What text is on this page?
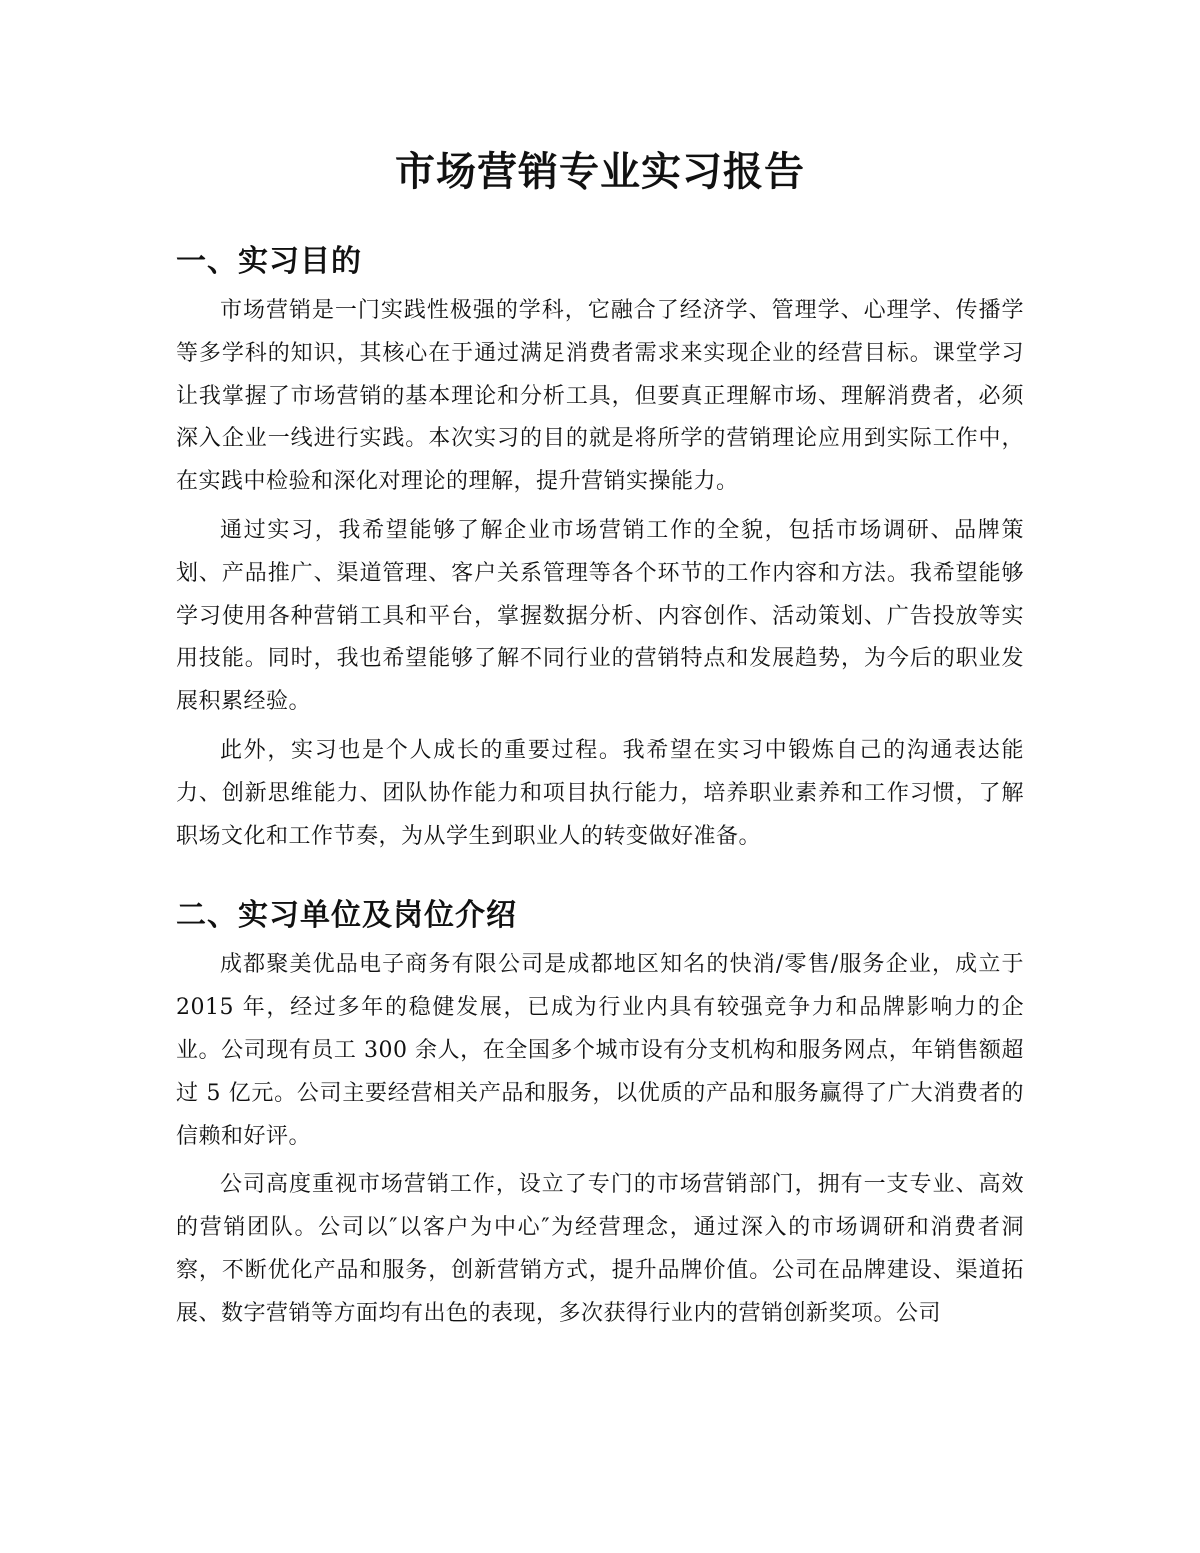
市场营销专业实习报告
一、实习目的

市场营销是一门实践性极强的学科，它融合了经济学、管理学、心理学、传播学等多学科的知识，其核心在于通过满足消费者需求来实现企业的经营目标。课堂学习让我掌握了市场营销的基本理论和分析工具，但要真正理解市场、理解消费者，必须深入企业一线进行实践。本次实习的目的就是将所学的营销理论应用到实际工作中，在实践中检验和深化对理论的理解，提升营销实操能力。

通过实习，我希望能够了解企业市场营销工作的全貌，包括市场调研、品牌策划、产品推广、渠道管理、客户关系管理等各个环节的工作内容和方法。我希望能够学习使用各种营销工具和平台，掌握数据分析、内容创作、活动策划、广告投放等实用技能。同时，我也希望能够了解不同行业的营销特点和发展趋势，为今后的职业发展积累经验。

此外，实习也是个人成长的重要过程。我希望在实习中锻炼自己的沟通表达能力、创新思维能力、团队协作能力和项目执行能力，培养职业素养和工作习惯，了解职场文化和工作节奏，为从学生到职业人的转变做好准备。

二、实习单位及岗位介绍

成都聚美优品电子商务有限公司是成都地区知名的快消/零售/服务企业，成立于 2015 年，经过多年的稳健发展，已成为行业内具有较强竞争力和品牌影响力的企业。公司现有员工 300 余人，在全国多个城市设有分支机构和服务网点，年销售额超过 5 亿元。公司主要经营相关产品和服务，以优质的产品和服务赢得了广大消费者的信赖和好评。

公司高度重视市场营销工作，设立了专门的市场营销部门，拥有一支专业、高效的营销团队。公司以″以客户为中心″为经营理念，通过深入的市场调研和消费者洞察，不断优化产品和服务，创新营销方式，提升品牌价值。公司在品牌建设、渠道拓展、数字营销等方面均有出色的表现，多次获得行业内的营销创新奖项。公司
